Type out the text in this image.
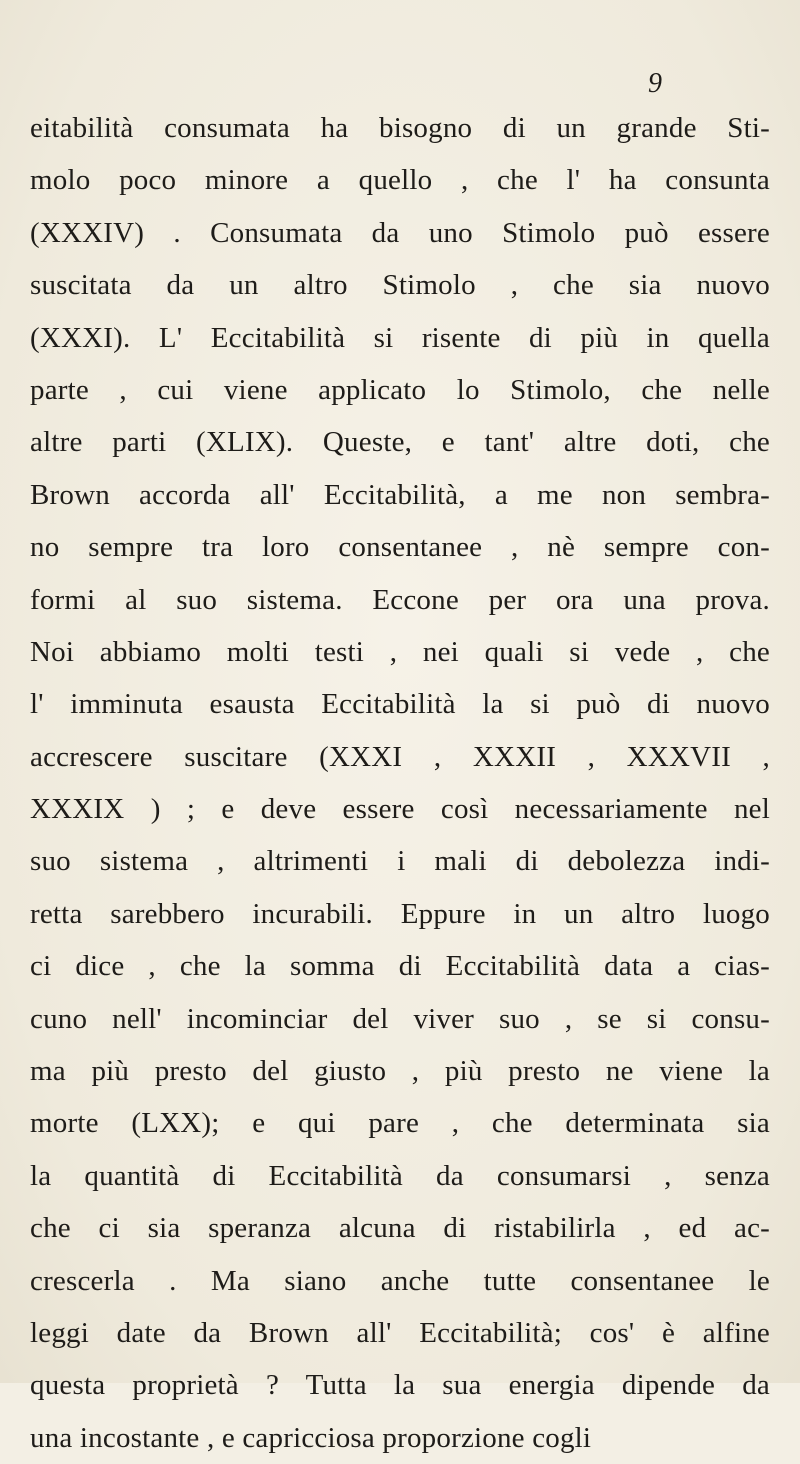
9
eitabilità consumata ha bisogno di un grande Sti-
molo poco minore a quello , che l' ha consunta
(XXXIV) . Consumata da uno Stimolo può essere
suscitata da un altro Stimolo , che sia nuovo
(XXXI). L' Eccitabilità si risente di più in quella
parte , cui viene applicato lo Stimolo, che nelle
altre parti (XLIX). Queste, e tant' altre doti, che
Brown accorda all' Eccitabilità, a me non sembra-
no sempre tra loro consentanee , nè sempre con-
formi al suo sistema. Eccone per ora una prova.
Noi abbiamo molti testi , nei quali si vede , che
l' imminuta esausta Eccitabilità la si può di nuovo
accrescere suscitare (XXXI , XXXII , XXXVII ,
XXXIX ) ; e deve essere così necessariamente nel
suo sistema , altrimenti i mali di debolezza indi-
retta sarebbero incurabili. Eppure in un altro luogo
ci dice , che la somma di Eccitabilità data a cias-
cuno nell' incominciar del viver suo , se si consu-
ma più presto del giusto , più presto ne viene la
morte (LXX); e qui pare , che determinata sia
la quantità di Eccitabilità da consumarsi , senza
che ci sia speranza alcuna di ristabilirla , ed ac-
crescerla . Ma siano anche tutte consentanee le
leggi date da Brown all' Eccitabilità; cos' è alfine
questa proprietà ? Tutta la sua energia dipende da
una incostante , e capricciosa proporzione cogli
